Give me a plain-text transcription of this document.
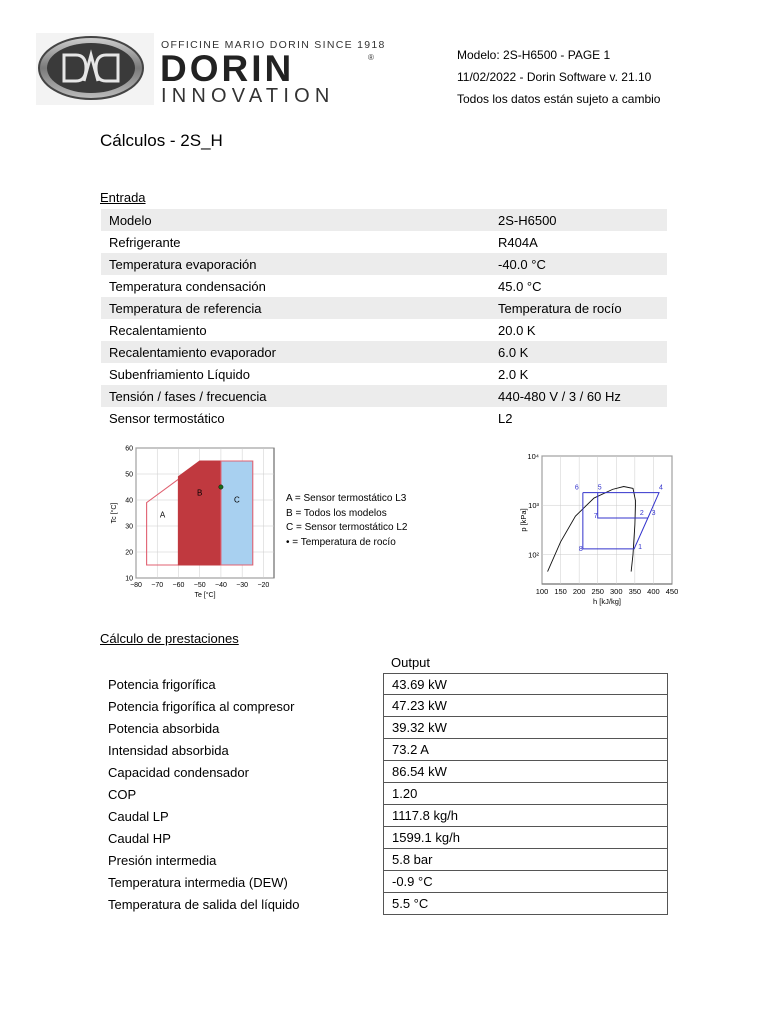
OFFICINE MARIO DORIN SINCE 1918
DORIN	®
INNOVATION
Modelo: 2S-H6500 - PAGE 1
11/02/2022 - Dorin Software v. 21.10
Todos los datos están sujeto a cambio
Cálculos - 2S_H
Entrada
Modelo	2S-H6500
Refrigerante	R404A
Temperatura evaporación	-40.0 °C
Temperatura condensación	45.0 °C
Temperatura de referencia	Temperatura de rocío
Recalentamiento	20.0 K
Recalentamiento evaporador	6.0 K
Subenfriamiento Líquido	2.0 K
Tensión / fases / frecuencia	440-480 V / 3 / 60 Hz
Sensor termostático	L2
−80 −70 −60 −50 −40 −30 −20
10
20
30
40
50
60
A
B
C
Te [°C]
Tc [°C]
A = Sensor termostático L3
B = Todos los modelos
C = Sensor termostático L2
• = Temperatura de rocío
100 150 200 250 300 350 400 450
10²
10³
10⁴
1
3
2
4
5
6
7
8
h [kJ/kg]
p [kPa]
Cálculo de prestaciones
Output
Potencia frigorífica	43.69 kW
Potencia frigorífica al compresor	47.23 kW
Potencia absorbida	39.32 kW
Intensidad absorbida	73.2 A
Capacidad condensador	86.54 kW
COP	1.20
Caudal LP	1117.8 kg/h
Caudal HP	1599.1 kg/h
Presión intermedia	5.8 bar
Temperatura intermedia (DEW)	-0.9 °C
Temperatura de salida del líquido	5.5 °C
